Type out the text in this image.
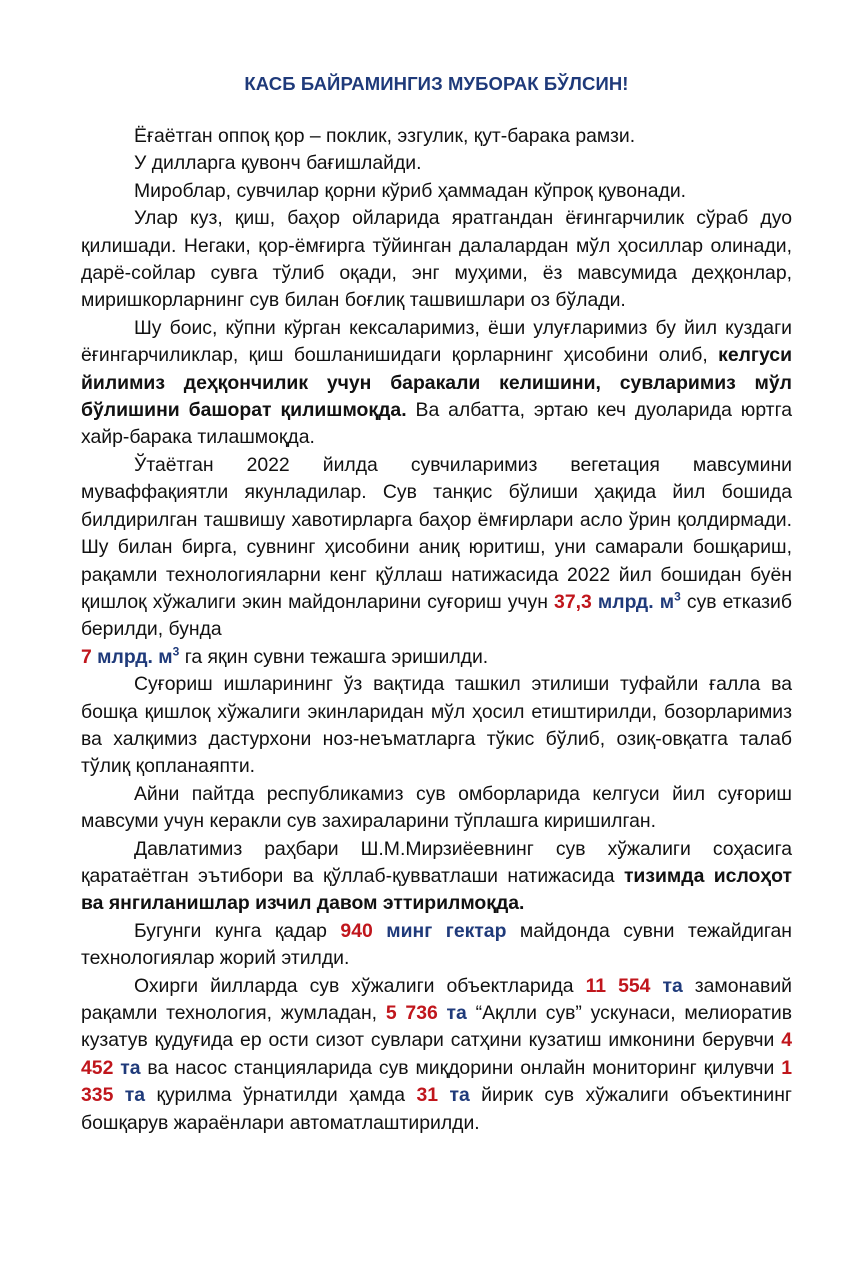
КАСБ БАЙРАМИНГИЗ МУБОРАК БЎЛСИН!

Ёғаётган оппоқ қор – поклик, эзгулик, қут-барака рамзи.

У дилларга қувонч бағишлайди.

Мироблар, сувчилар қорни кўриб ҳаммадан кўпроқ қувонади.

Улар куз, қиш, баҳор ойларида яратгандан ёғингарчилик сўраб дуо қилишади. Негаки, қор-ёмғирга тўйинган далалардан мўл ҳосиллар олинади, дарё-сойлар сувга тўлиб оқади, энг муҳими, ёз мавсумида деҳқонлар, миришкорларнинг сув билан боғлиқ ташвишлари оз бўлади.

Шу боис, кўпни кўрган кексаларимиз, ёши улуғларимиз бу йил куздаги ёғингарчиликлар, қиш бошланишидаги қорларнинг ҳисобини олиб, келгуси йилимиз деҳқончилик учун баракали келишини, сувларимиз мўл бўлишини башорат қилишмоқда. Ва албатта, эртаю кеч дуоларида юртга хайр-барака тилашмоқда.

Ўтаётган 2022 йилда сувчиларимиз вегетация мавсумини муваффақиятли якунладилар. Сув танқис бўлиши ҳақида йил бошида билдирилган ташвишу хавотирларга баҳор ёмғирлари асло ўрин қолдирмади. Шу билан бирга, сувнинг ҳисобини аниқ юритиш, уни самарали бошқариш, рақамли технологияларни кенг қўллаш натижасида 2022 йил бошидан буён қишлоқ хўжалиги экин майдонларини суғориш учун 37,3 млрд. $м^3$ сув етказиб берилди, бунда
7 млрд. $м^3$ га яқин сувни тежашга эришилди.

Суғориш ишларининг ўз вақтида ташкил этилиши туфайли ғалла ва бошқа қишлоқ хўжалиги экинларидан мўл ҳосил етиштирилди, бозорларимиз ва халқимиз дастурхони ноз-неъматларга тўкис бўлиб, озиқ-овқатга талаб тўлиқ қопланаяпти.

Айни пайтда республикамиз сув омборларида келгуси йил суғориш мавсуми учун керакли сув захираларини тўплашга киришилган.

Давлатимиз раҳбари Ш.М.Мирзиёевнинг сув хўжалиги соҳасига қаратаётган эътибори ва қўллаб-қувватлаши натижасида тизимда ислоҳот ва янгиланишлар изчил давом эттирилмоқда.

Бугунги кунга қадар 940 минг гектар майдонда сувни тежайдиган технологиялар жорий этилди.

Охирги йилларда сув хўжалиги объектларида 11 554 та замонавий рақамли технология, жумладан, 5 736 та “Ақлли сув” ускунаси, мелиоратив кузатув қудуғида ер ости сизот сувлари сатҳини кузатиш имконини берувчи 4 452 та ва насос станцияларида сув миқдорини онлайн мониторинг қилувчи 1 335 та қурилма ўрнатилди ҳамда 31 та йирик сув хўжалиги объектининг бошқарув жараёнлари автоматлаштирилди.
